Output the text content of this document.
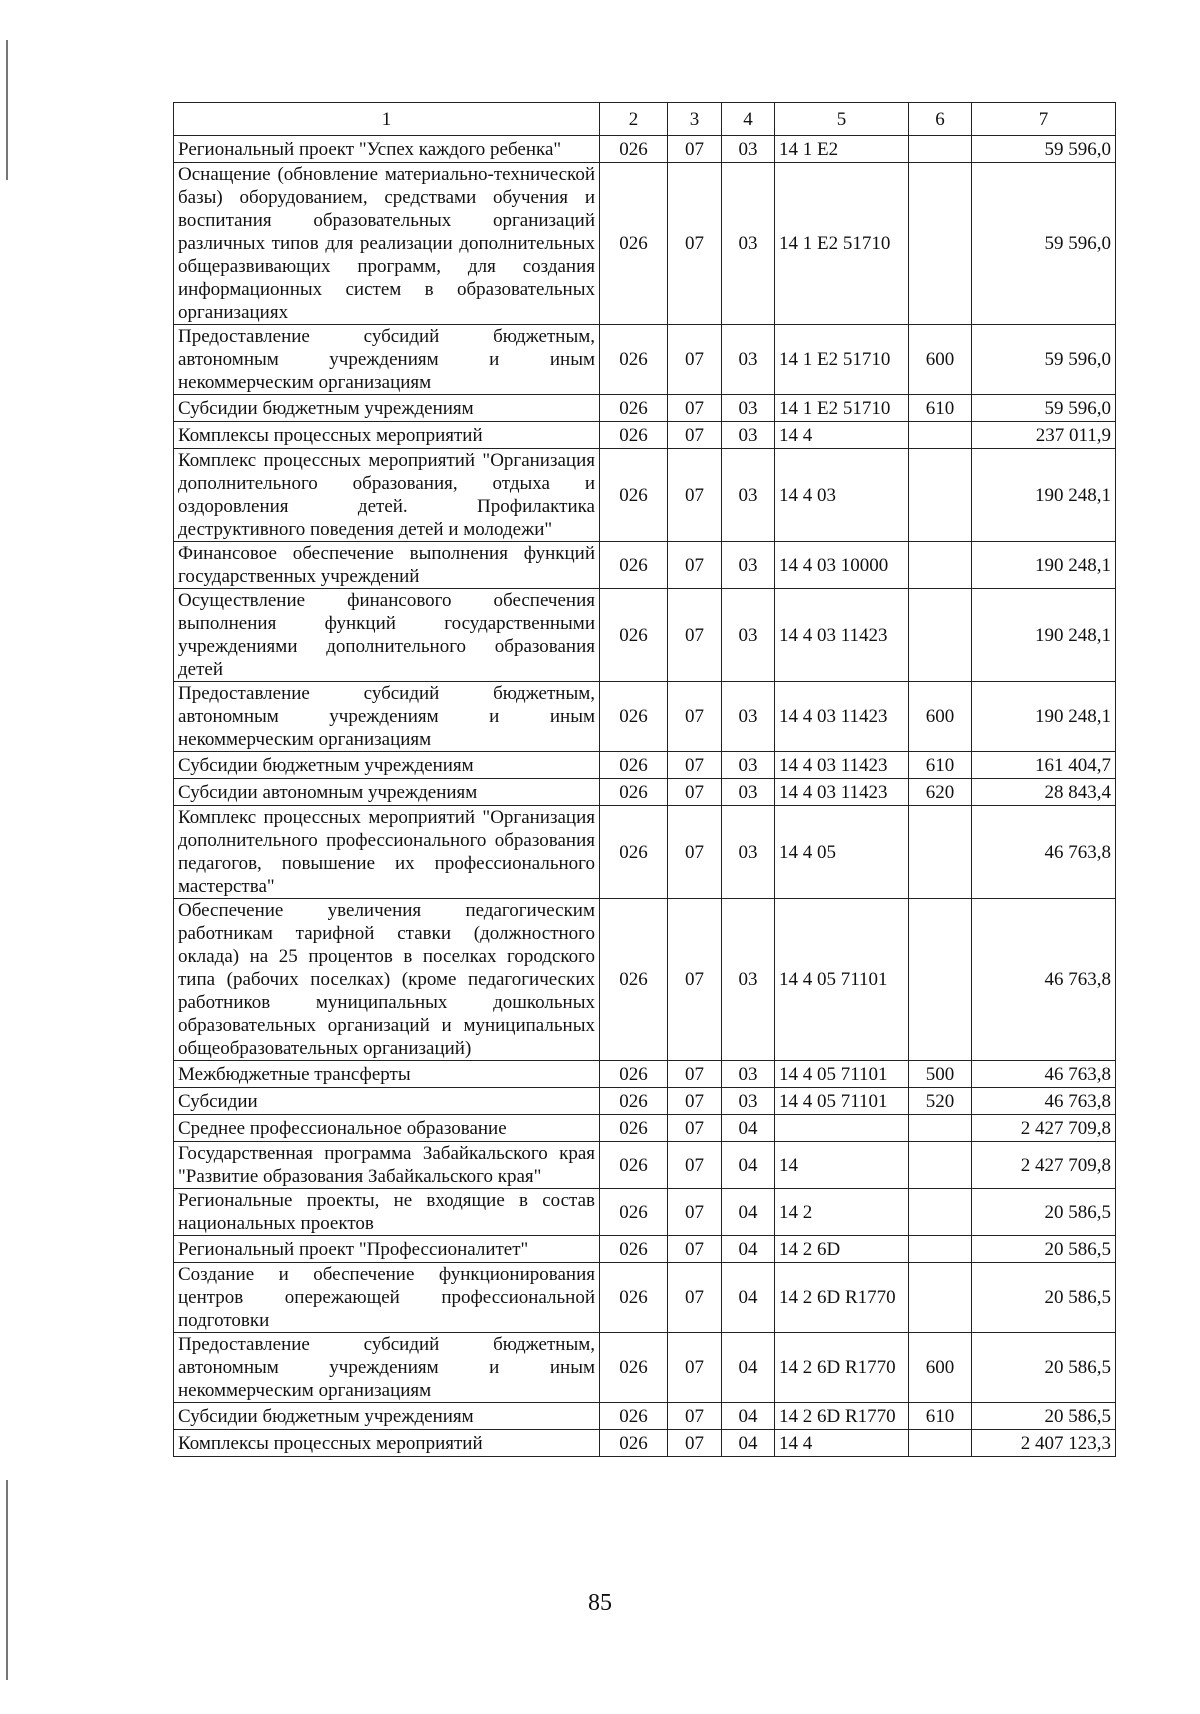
1	2	3	4	5	6	7
Региональный проект "Успех каждого ребенка"	026	07	03	14 1 E2		59 596,0
Оснащение (обновление материально-технической базы) оборудованием, средствами обучения и воспитания образовательных организаций различных типов для реализации дополнительных общеразвивающих программ, для создания информационных систем в образовательных организациях	026	07	03	14 1 E2 51710		59 596,0
Предоставление субсидий бюджетным, автономным учреждениям и иным некоммерческим организациям	026	07	03	14 1 E2 51710	600	59 596,0
Субсидии бюджетным учреждениям	026	07	03	14 1 E2 51710	610	59 596,0
Комплексы процессных мероприятий	026	07	03	14 4		237 011,9
Комплекс процессных мероприятий "Организация дополнительного образования, отдыха и оздоровления детей. Профилактика деструктивного поведения детей и молодежи"	026	07	03	14 4 03		190 248,1
Финансовое обеспечение выполнения функций государственных учреждений	026	07	03	14 4 03 10000		190 248,1
Осуществление финансового обеспечения выполнения функций государственными учреждениями дополнительного образования детей	026	07	03	14 4 03 11423		190 248,1
Предоставление субсидий бюджетным, автономным учреждениям и иным некоммерческим организациям	026	07	03	14 4 03 11423	600	190 248,1
Субсидии бюджетным учреждениям	026	07	03	14 4 03 11423	610	161 404,7
Субсидии автономным учреждениям	026	07	03	14 4 03 11423	620	28 843,4
Комплекс процессных мероприятий "Организация дополнительного профессионального образования педагогов, повышение их профессионального мастерства"	026	07	03	14 4 05		46 763,8
Обеспечение увеличения педагогическим работникам тарифной ставки (должностного оклада) на 25 процентов в поселках городского типа (рабочих поселках) (кроме педагогических работников муниципальных дошкольных образовательных организаций и муниципальных общеобразовательных организаций)	026	07	03	14 4 05 71101		46 763,8
Межбюджетные трансферты	026	07	03	14 4 05 71101	500	46 763,8
Субсидии	026	07	03	14 4 05 71101	520	46 763,8
Среднее профессиональное образование	026	07	04			2 427 709,8
Государственная программа Забайкальского края "Развитие образования Забайкальского края"	026	07	04	14		2 427 709,8
Региональные проекты, не входящие в состав национальных проектов	026	07	04	14 2		20 586,5
Региональный проект "Профессионалитет"	026	07	04	14 2 6D		20 586,5
Создание и обеспечение функционирования центров опережающей профессиональной подготовки	026	07	04	14 2 6D R1770		20 586,5
Предоставление субсидий бюджетным, автономным учреждениям и иным некоммерческим организациям	026	07	04	14 2 6D R1770	600	20 586,5
Субсидии бюджетным учреждениям	026	07	04	14 2 6D R1770	610	20 586,5
Комплексы процессных мероприятий	026	07	04	14 4		2 407 123,3
85
